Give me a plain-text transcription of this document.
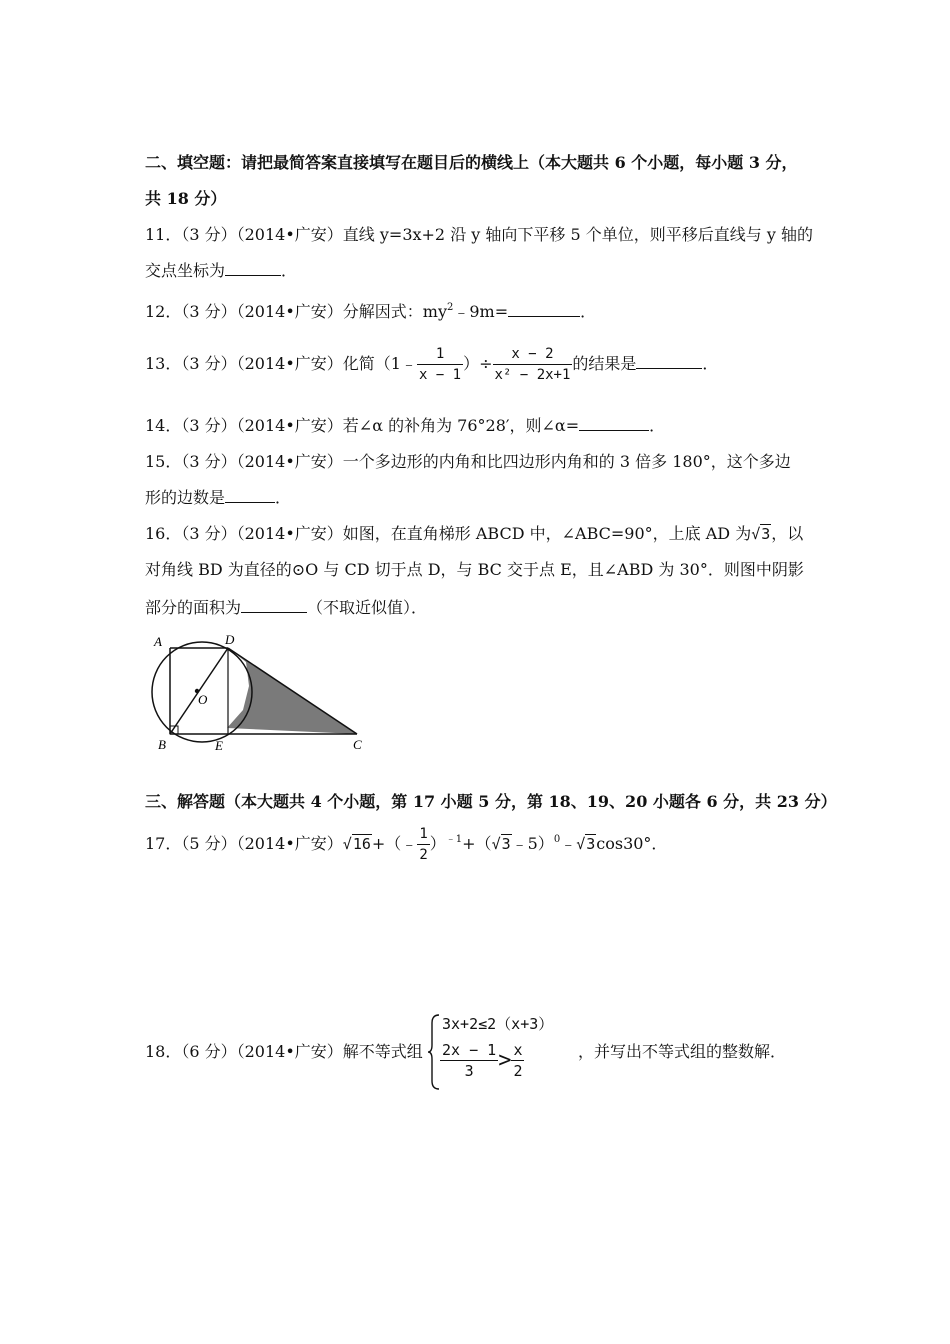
二、填空题：请把最简答案直接填写在题目后的横线上（本大题共 6 个小题，每小题 3 分，
共 18 分）
11．（3 分）（2014•广安）直线 y=3x+2 沿 y 轴向下平移 5 个单位，则平移后直线与 y 轴的
交点坐标为	．
12．（3 分）（2014•广安）分解因式：$my^2﹣9m=$	．
13．（3 分）（2014•广安）化简（1﹣ $\frac{1}{x - 1}$ ）÷ $\frac{x - 2}{\text{x² − 2x+1}}$ 的结果是	．
14．（3 分）（2014•广安）若∠α 的补角为 76°28′，则∠α=	．
15．（3 分）（2014•广安）一个多边形的内角和比四边形内角和的 3 倍多 180°，这个多边
形的边数是	．
16．（3 分）（2014•广安）如图，在直角梯形 ABCD 中，∠ABC=90°，上底 AD 为√3，以
对角线 BD 为直径的⊙O 与 CD 切于点 D，与 BC 交于点 E，且∠ABD 为 30°．则图中阴影
部分的面积为	（不取近似值）．
A	D
O
B	E	C
三、解答题（本大题共 4 个小题，第 17 小题 5 分，第 18、19、20 小题各 6 分，共 23 分）
17．（5 分）（2014•广安）√16+（﹣ $\frac{1}{2}$ ）$^{﹣1}$+（√3﹣5）$^0$﹣√3cos30°．
18．（6 分）（2014•广安）解不等式组
3x+2≤2（x+3）
$\frac{2x - 1}{3} > \frac{x}{2}$	，并写出不等式组的整数解．
